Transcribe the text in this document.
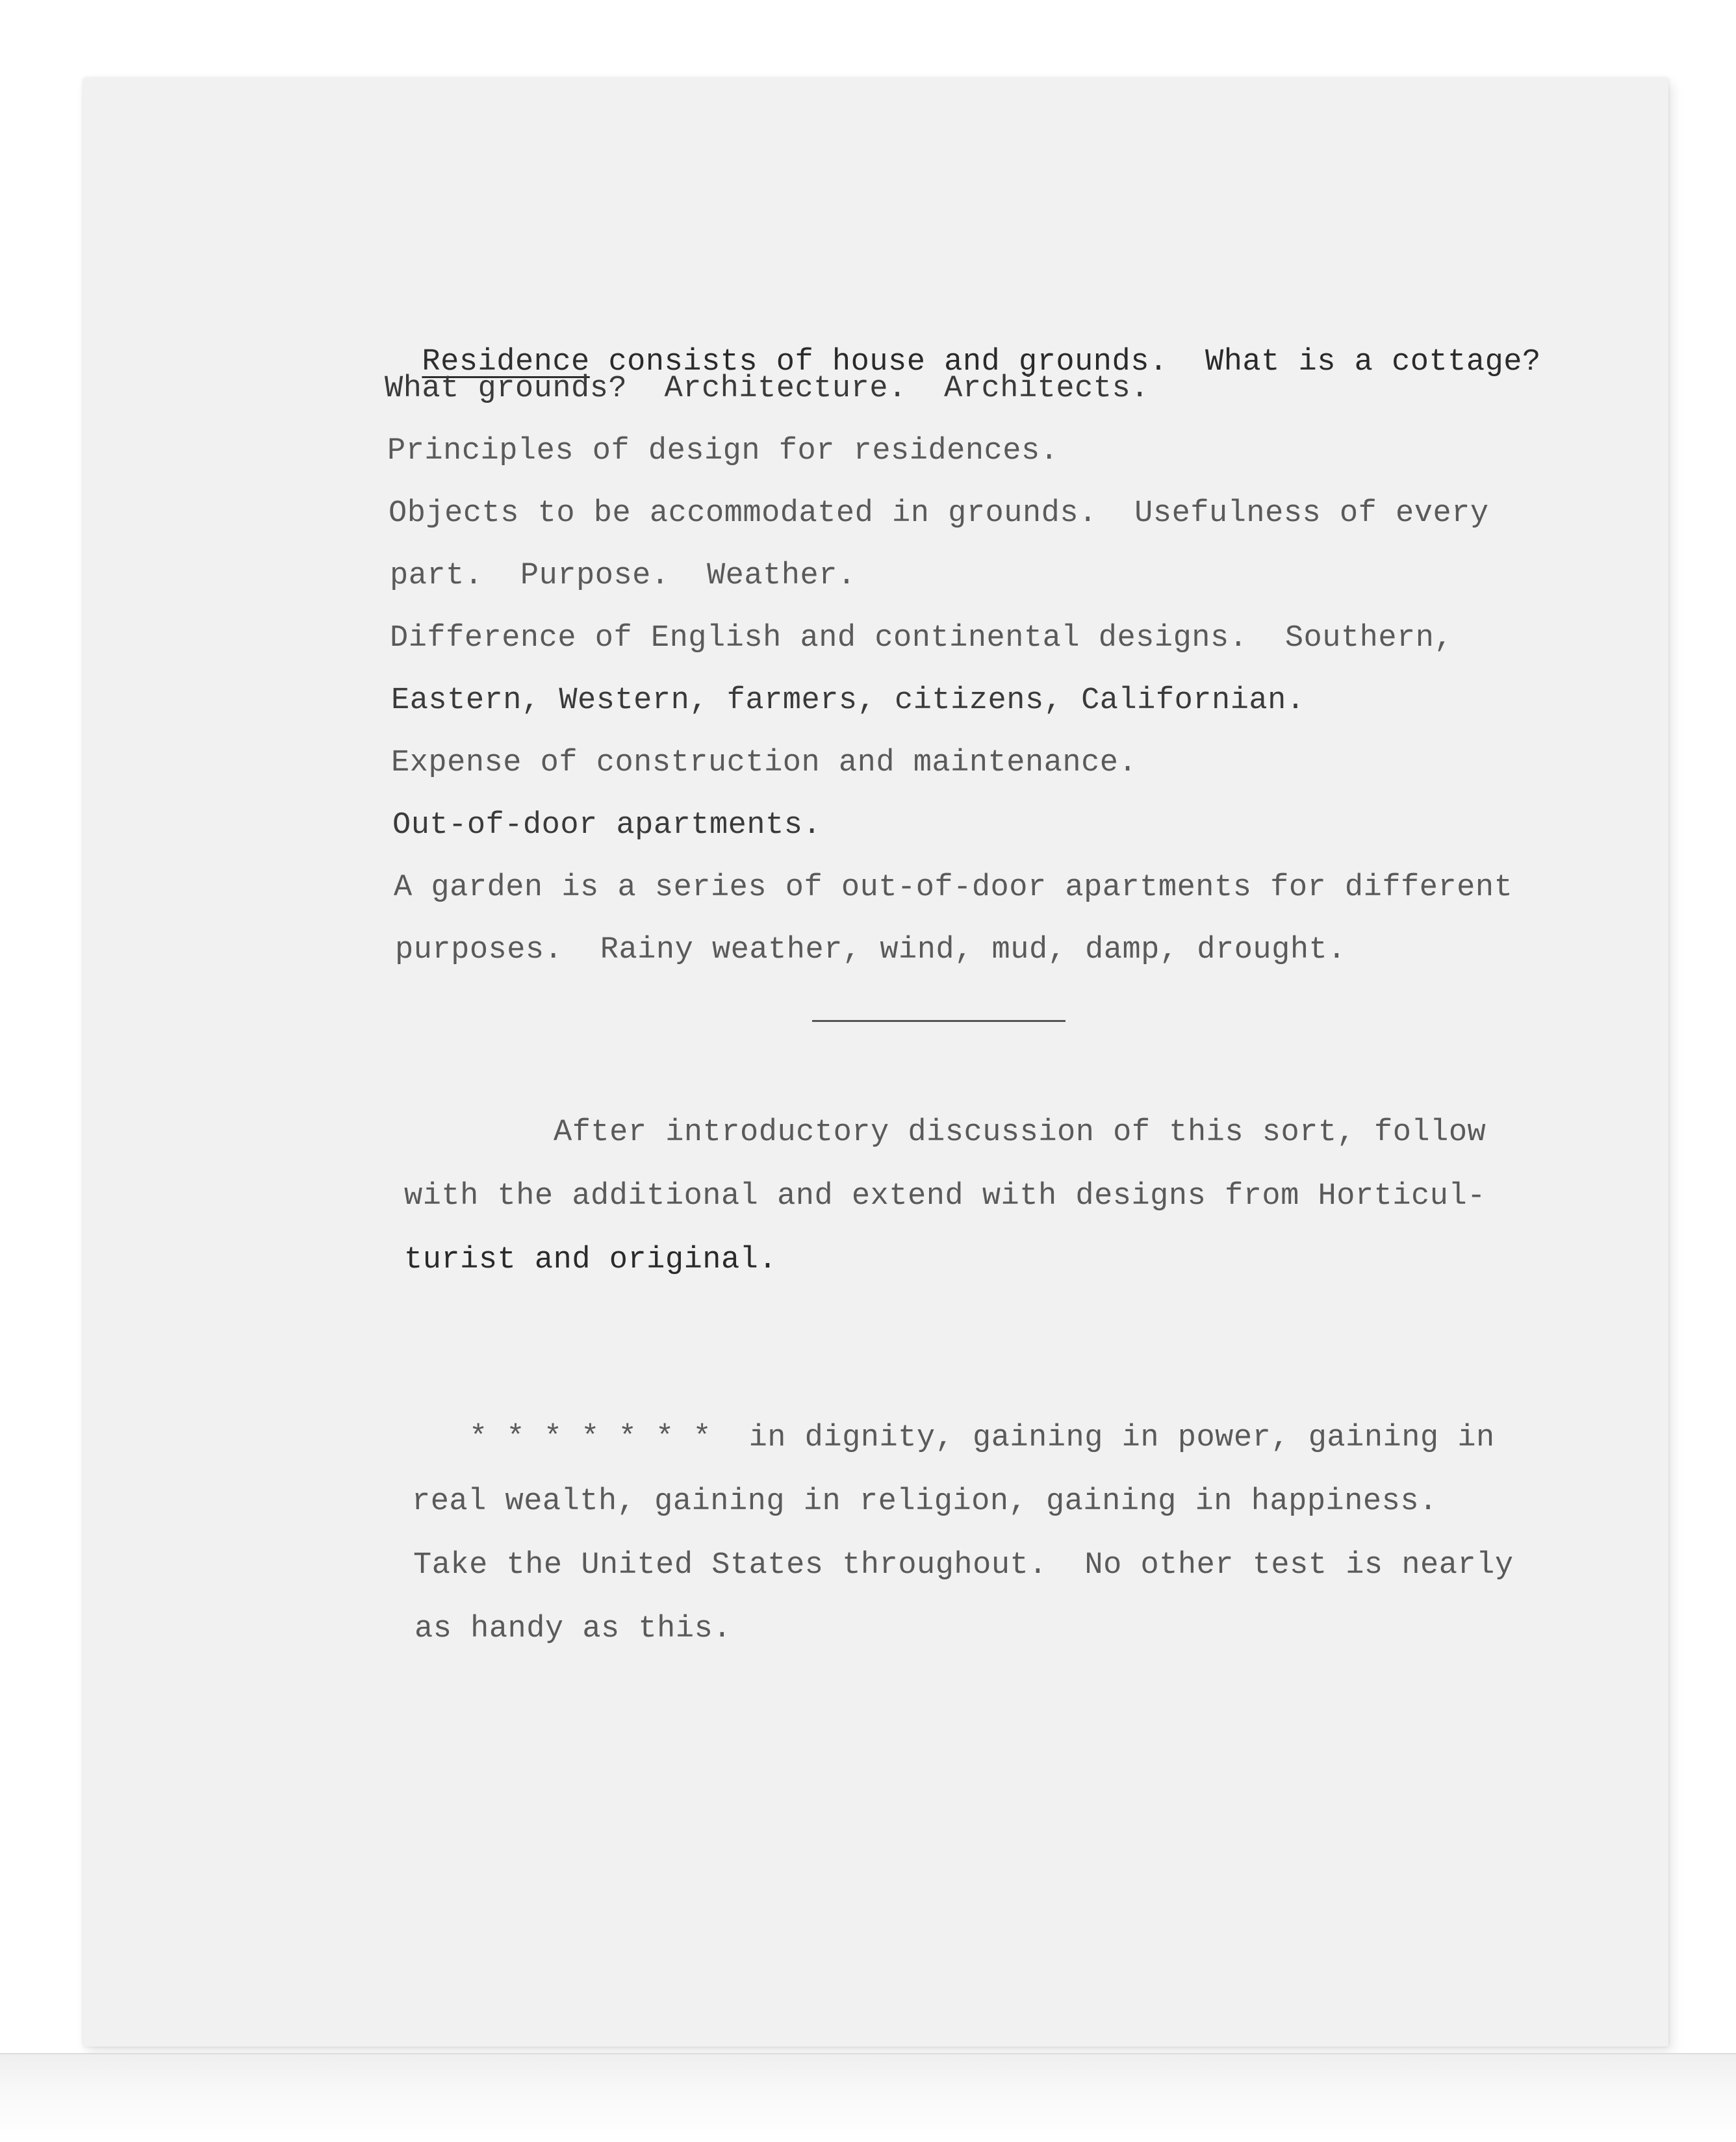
Residence consists of house and grounds.  What is a cottage?

What grounds?  Architecture.  Architects.
Principles of design for residences.
Objects to be accommodated in grounds.  Usefulness of every
part.  Purpose.  Weather.
Difference of English and continental designs.  Southern,
Eastern, Western, farmers, citizens, Californian.
Expense of construction and maintenance.
Out-of-door apartments.
A garden is a series of out-of-door apartments for different
purposes.  Rainy weather, wind, mud, damp, drought.
After introductory discussion of this sort, follow
with the additional and extend with designs from Horticul-
turist and original.
* * * * * * *  in dignity, gaining in power, gaining in
real wealth, gaining in religion, gaining in happiness.
Take the United States throughout.  No other test is nearly
as handy as this.
